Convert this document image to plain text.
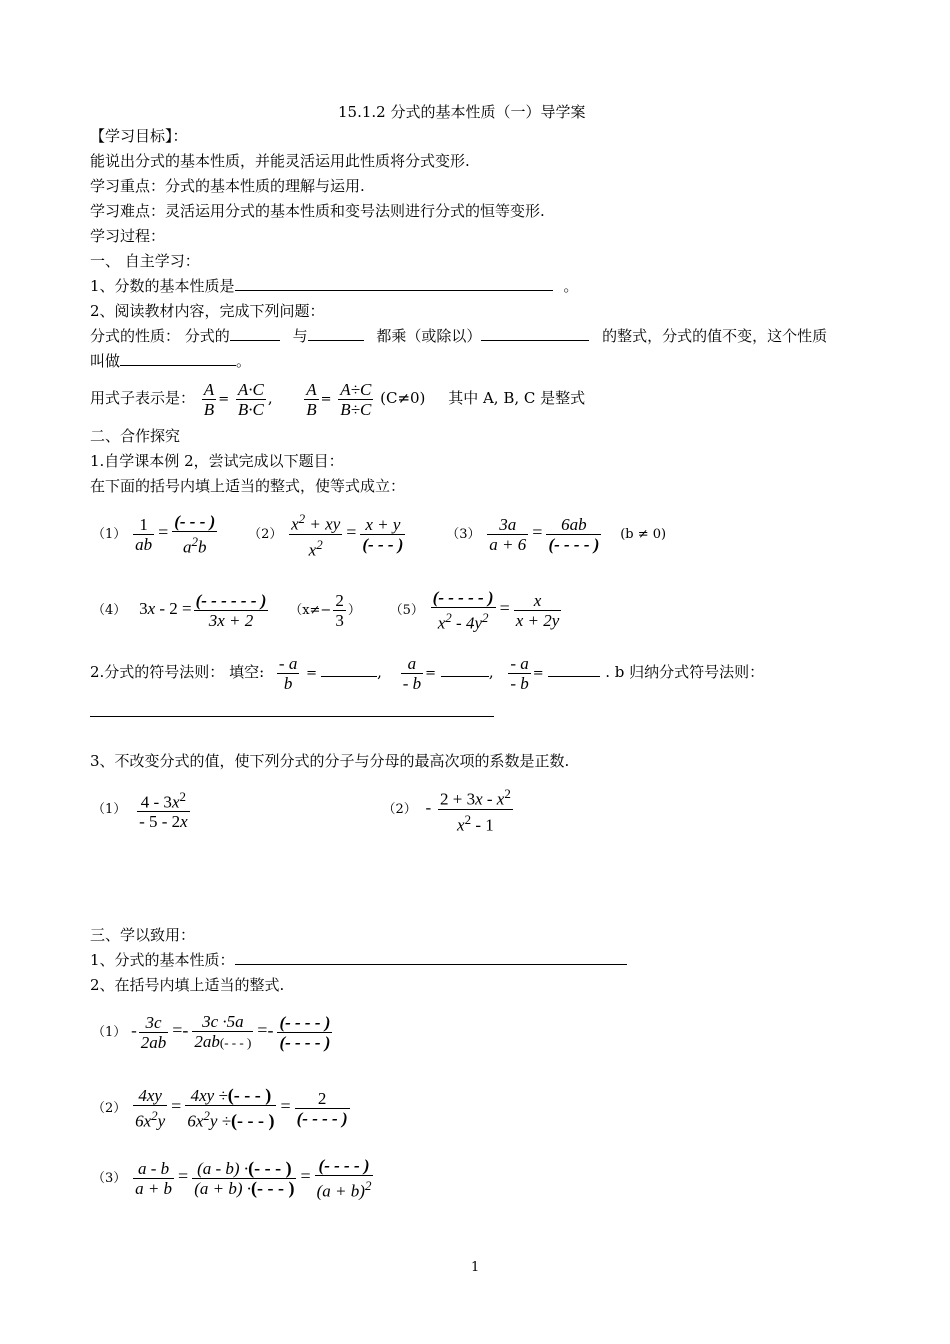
15.1.2 分式的基本性质（一）导学案
【学习目标】：
能说出分式的基本性质，并能灵活运用此性质将分式变形.
学习重点：分式的基本性质的理解与运用.
学习难点：灵活运用分式的基本性质和变号法则进行分式的恒等变形.
学习过程：
一、 自主学习：
1、分数的基本性质是	。
2、阅读教材内容，完成下列问题：
分式的性质： 分式的	与	都乘（或除以）	的整式，分式的值不变，这个性质
叫做	。
用式子表示是： $\frac{A}{B} = \frac{A\cdot C}{B\cdot C}$ , $\frac{A}{B} = \frac{A\div C}{B\div C} (C\ne 0)$ 其中 A, B, C 是整式
二、合作探究
1.自学课本例 2，尝试完成以下题目：
在下面的括号内填上适当的整式，使等式成立：
$(1) \frac{1}{ab} = \frac{(- - - )}{a^2b} (2) \frac{x^2 + xy}{x^2} = \frac{x + y}{(- - - )}$	$(3) \frac{3a}{a + 6} = \frac{6ab}{(- - - - )} (b \ne 0)$
（4） $3x - 2 = \frac{(- - - - - - )}{3x + 2} (x\ne- \frac{2}{3}$ ） $(5) \frac{(- - - - - )}{x^2 - 4y^2} = \frac{x}{x + 2y}$
2.分式的符号法则： 填空: $\frac{- a}{b}$ =	, $\frac{a}{- b}$ =	, $\frac{- a}{- b}$ =	. b 归纳分式符号法则：
3、不改变分式的值，使下列分式的分子与分母的最高次项的系数是正数.
$(1) \frac{4 - 3x^2}{- 5 - 2x}$	$(2) - \frac{2 + 3x - x^2}{x^2 - 1}$
三、学以致用：
1、分式的基本性质：
2、在括号内填上适当的整式.
$(1) - \frac{3c}{2ab} =- \frac{3c \cdot 5a}{2ab(- - - )} =- \frac{(- - - - )}{(- - - - )}$
$(2) \frac{4xy}{6x^2y} = \frac{4xy \div(- - - )}{6x^2y \div(- - - )} = \frac{2}{(- - - - )}$
$(3) \frac{a - b}{a + b} = \frac{(a - b) \cdot(- - - )}{(a + b) \cdot(- - - )} = \frac{(- - - - )}{(a + b)^2}$
1
